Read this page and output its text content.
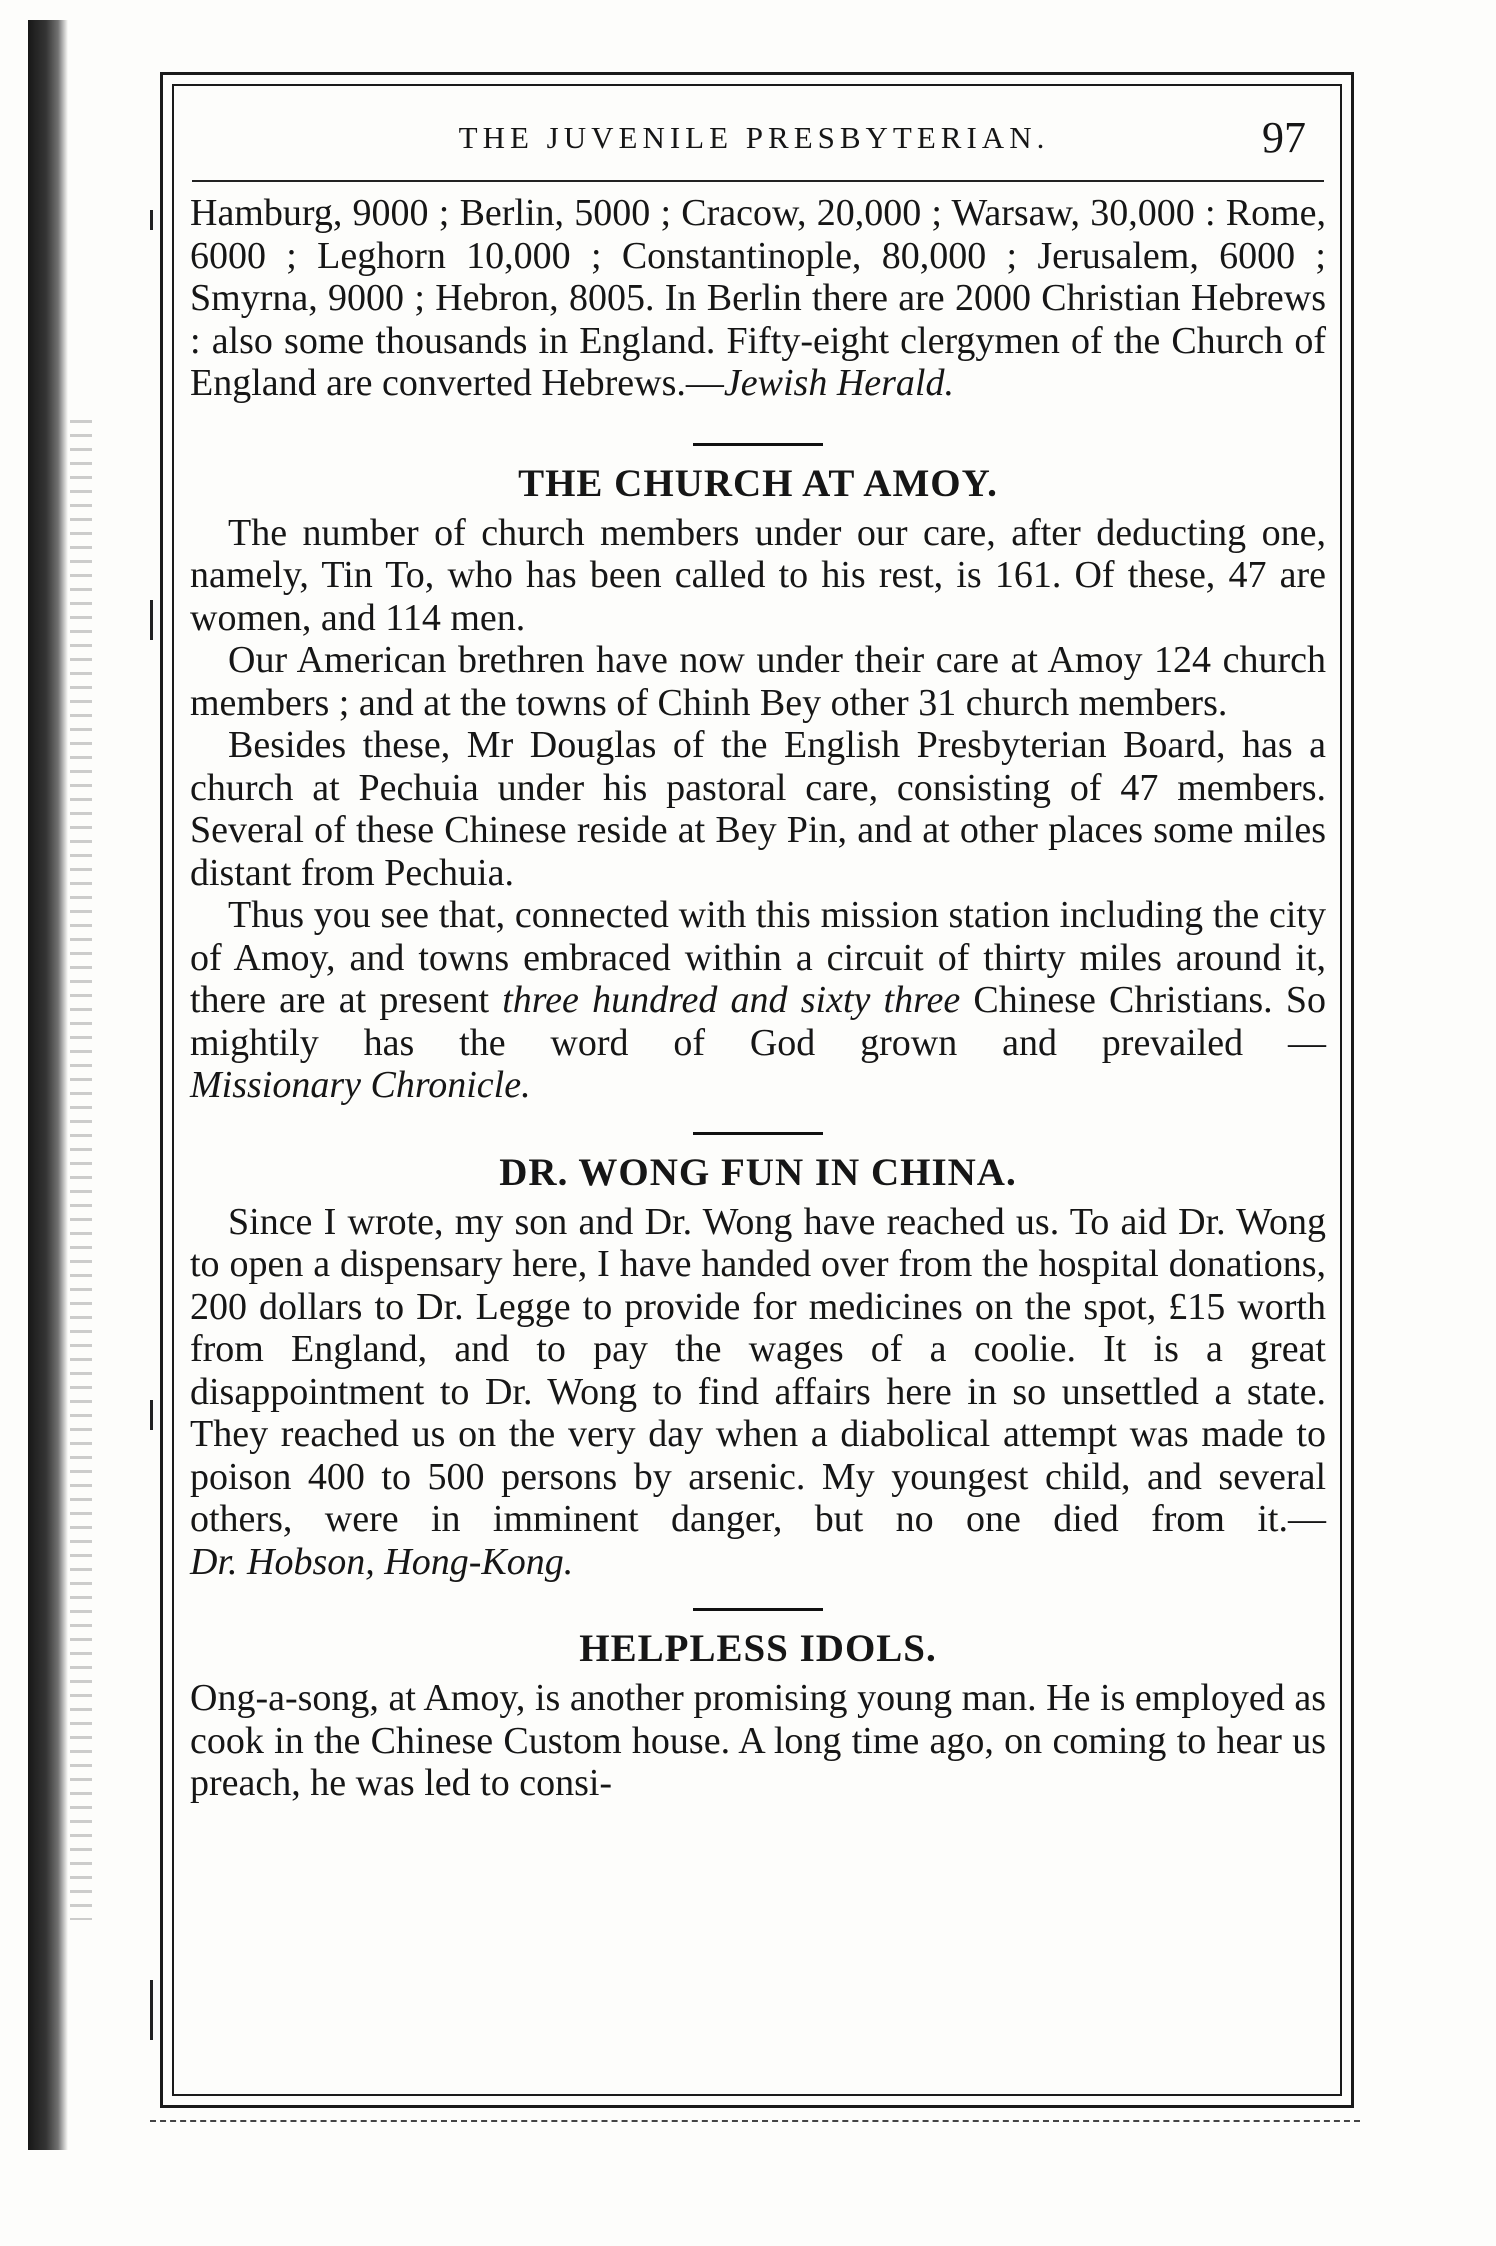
THE JUVENILE PRESBYTERIAN.	97

Hamburg, 9000 ; Berlin, 5000 ; Cracow, 20,000 ; Warsaw, 30,000 : Rome, 6000 ; Leghorn 10,000 ; Constantinople, 80,000 ; Jerusalem, 6000 ; Smyrna, 9000 ; Hebron, 8005. In Berlin there are 2000 Christian Hebrews : also some thousands in England. Fifty-eight clergymen of the Church of England are converted Hebrews.—Jewish Herald.

THE CHURCH AT AMOY.

The number of church members under our care, after deducting one, namely, Tin To, who has been called to his rest, is 161. Of these, 47 are women, and 114 men.

Our American brethren have now under their care at Amoy 124 church members ; and at the towns of Chinh Bey other 31 church members.

Besides these, Mr Douglas of the English Presbyterian Board, has a church at Pechuia under his pastoral care, consisting of 47 members. Several of these Chinese reside at Bey Pin, and at other places some miles distant from Pechuia.

Thus you see that, connected with this mission station including the city of Amoy, and towns embraced within a circuit of thirty miles around it, there are at present three hundred and sixty three Chinese Christians. So mightily has the word of God grown and prevailed —Missionary Chronicle.

DR. WONG FUN IN CHINA.

Since I wrote, my son and Dr. Wong have reached us. To aid Dr. Wong to open a dispensary here, I have handed over from the hospital donations, 200 dollars to Dr. Legge to provide for medicines on the spot, £15 worth from England, and to pay the wages of a coolie. It is a great disappointment to Dr. Wong to find affairs here in so unsettled a state. They reached us on the very day when a diabolical attempt was made to poison 400 to 500 persons by arsenic. My youngest child, and several others, were in imminent danger, but no one died from it.—Dr. Hobson, Hong-Kong.

HELPLESS IDOLS.

Ong-a-song, at Amoy, is another promising young man. He is employed as cook in the Chinese Custom house. A long time ago, on coming to hear us preach, he was led to consi-
